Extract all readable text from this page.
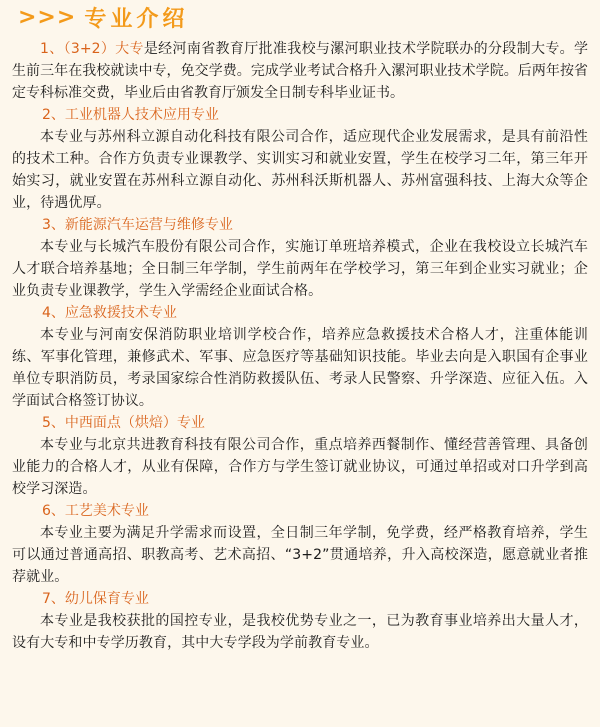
>>> 专业介绍

1、（3+2）大专是经河南省教育厅批准我校与漯河职业技术学院联办的分段制大专。学生前三年在我校就读中专，免交学费。完成学业考试合格升入漯河职业技术学院。后两年按省定专科标准交费，毕业后由省教育厅颁发全日制专科毕业证书。

2、工业机器人技术应用专业

本专业与苏州科立源自动化科技有限公司合作，适应现代企业发展需求，是具有前沿性的技术工种。合作方负责专业课教学、实训实习和就业安置，学生在校学习二年，第三年开始实习，就业安置在苏州科立源自动化、苏州科沃斯机器人、苏州富强科技、上海大众等企业，待遇优厚。

3、新能源汽车运营与维修专业

本专业与长城汽车股份有限公司合作，实施订单班培养模式，企业在我校设立长城汽车人才联合培养基地；全日制三年学制，学生前两年在学校学习，第三年到企业实习就业；企业负责专业课教学，学生入学需经企业面试合格。

4、应急救援技术专业

本专业与河南安保消防职业培训学校合作，培养应急救援技术合格人才，注重体能训练、军事化管理，兼修武术、军事、应急医疗等基础知识技能。毕业去向是入职国有企事业单位专职消防员，考录国家综合性消防救援队伍、考录人民警察、升学深造、应征入伍。入学面试合格签订协议。

5、中西面点（烘焙）专业

本专业与北京共进教育科技有限公司合作，重点培养西餐制作、懂经营善管理、具备创业能力的合格人才，从业有保障，合作方与学生签订就业协议，可通过单招或对口升学到高校学习深造。

6、工艺美术专业

本专业主要为满足升学需求而设置，全日制三年学制，免学费，经严格教育培养，学生可以通过普通高招、职教高考、艺术高招、“3+2”贯通培养，升入高校深造，愿意就业者推荐就业。

7、幼儿保育专业

本专业是我校获批的国控专业，是我校优势专业之一，已为教育事业培养出大量人才，设有大专和中专学历教育，其中大专学段为学前教育专业。
